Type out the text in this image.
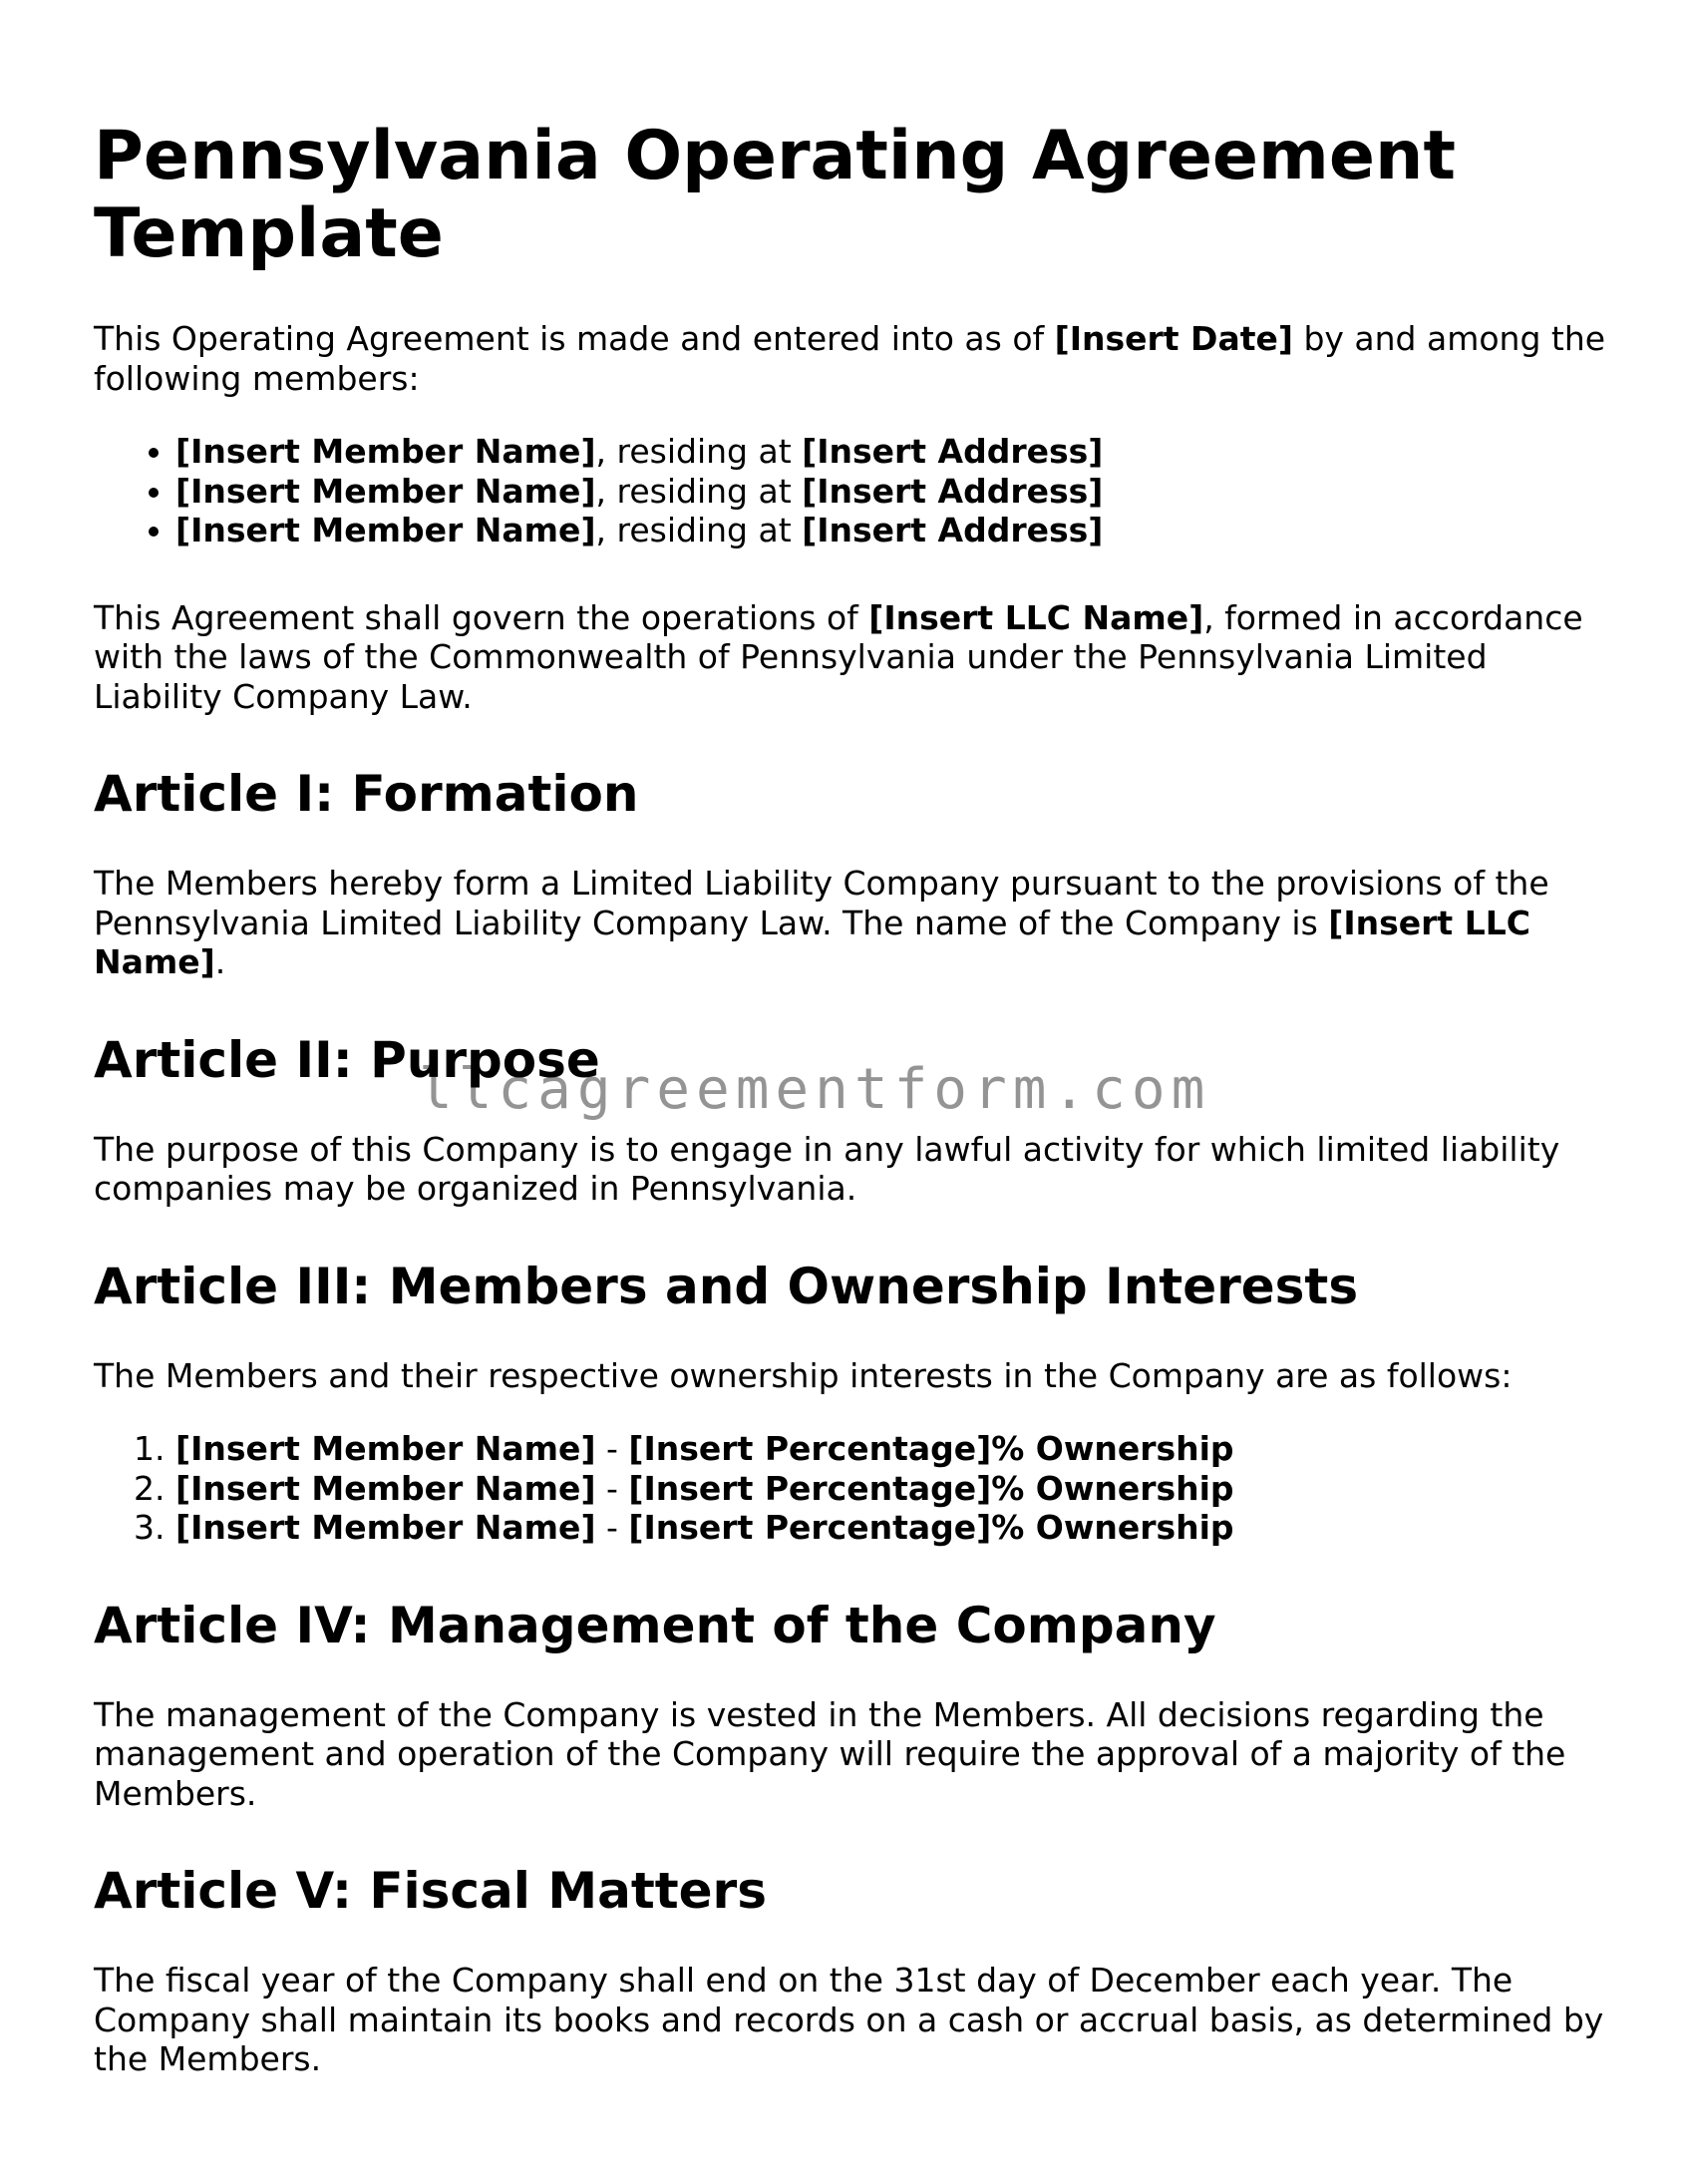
llcagreementform.com
Pennsylvania Operating Agreement Template

This Operating Agreement is made and entered into as of [Insert Date] by and among the following members:

• [Insert Member Name], residing at [Insert Address]
• [Insert Member Name], residing at [Insert Address]
• [Insert Member Name], residing at [Insert Address]

This Agreement shall govern the operations of [Insert LLC Name], formed in accordance with the laws of the Commonwealth of Pennsylvania under the Pennsylvania Limited Liability Company Law.

Article I: Formation

The Members hereby form a Limited Liability Company pursuant to the provisions of the Pennsylvania Limited Liability Company Law. The name of the Company is [Insert LLC Name].

Article II: Purpose

The purpose of this Company is to engage in any lawful activity for which limited liability companies may be organized in Pennsylvania.

Article III: Members and Ownership Interests

The Members and their respective ownership interests in the Company are as follows:

1. [Insert Member Name] - [Insert Percentage]% Ownership
2. [Insert Member Name] - [Insert Percentage]% Ownership
3. [Insert Member Name] - [Insert Percentage]% Ownership
Article IV: Management of the Company

The management of the Company is vested in the Members. All decisions regarding the management and operation of the Company will require the approval of a majority of the Members.

Article V: Fiscal Matters

The fiscal year of the Company shall end on the 31st day of December each year. The Company shall maintain its books and records on a cash or accrual basis, as determined by the Members.
